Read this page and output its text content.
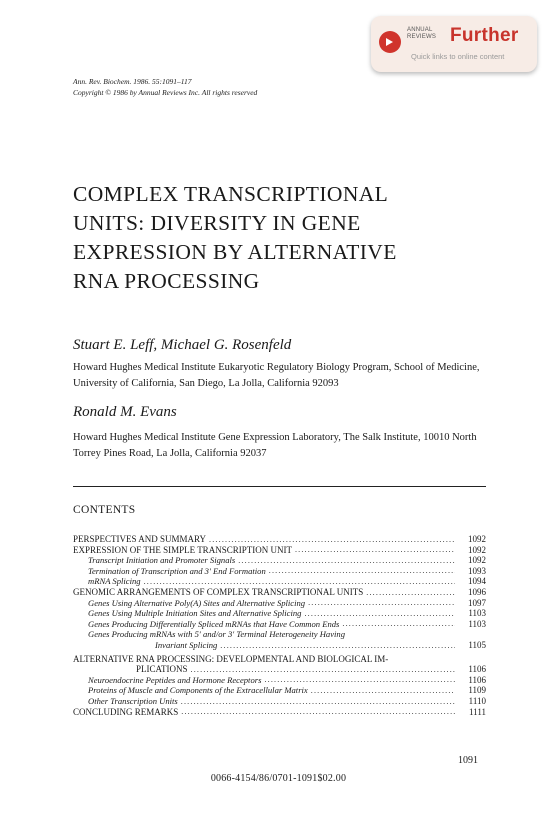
ANNUAL REVIEWS Further
Quick links to online content
Ann. Rev. Biochem. 1986. 55:1091–117
Copyright © 1986 by Annual Reviews Inc. All rights reserved
COMPLEX TRANSCRIPTIONAL
UNITS: DIVERSITY IN GENE
EXPRESSION BY ALTERNATIVE
RNA PROCESSING
Stuart E. Leff, Michael G. Rosenfeld
Howard Hughes Medical Institute Eukaryotic Regulatory Biology Program, School of Medicine, University of California, San Diego, La Jolla, California 92093
Ronald M. Evans
Howard Hughes Medical Institute Gene Expression Laboratory, The Salk Institute, 10010 North Torrey Pines Road, La Jolla, California 92037
CONTENTS
PERSPECTIVES AND SUMMARY .....	1092
EXPRESSION OF THE SIMPLE TRANSCRIPTION UNIT .....	1092
Transcript Initiation and Promoter Signals .....	1092
Termination of Transcription and 3′ End Formation .....	1093
mRNA Splicing .....	1094
GENOMIC ARRANGEMENTS OF COMPLEX TRANSCRIPTIONAL UNITS .....	1096
Genes Using Alternative Poly(A) Sites and Alternative Splicing .....	1097
Genes Using Multiple Initiation Sites and Alternative Splicing .....	1103
Genes Producing Differentially Spliced mRNAs that Have Common Ends .....	1103
Genes Producing mRNAs with 5′ and/or 3′ Terminal Heterogeneity Having
Invariant Splicing .....	1105
ALTERNATIVE RNA PROCESSING: DEVELOPMENTAL AND BIOLOGICAL IM-
PLICATIONS .....	1106
Neuroendocrine Peptides and Hormone Receptors .....	1106
Proteins of Muscle and Components of the Extracellular Matrix .....	1109
Other Transcription Units .....	1110
CONCLUDING REMARKS .....	1111
1091
0066-4154/86/0701-1091$02.00
